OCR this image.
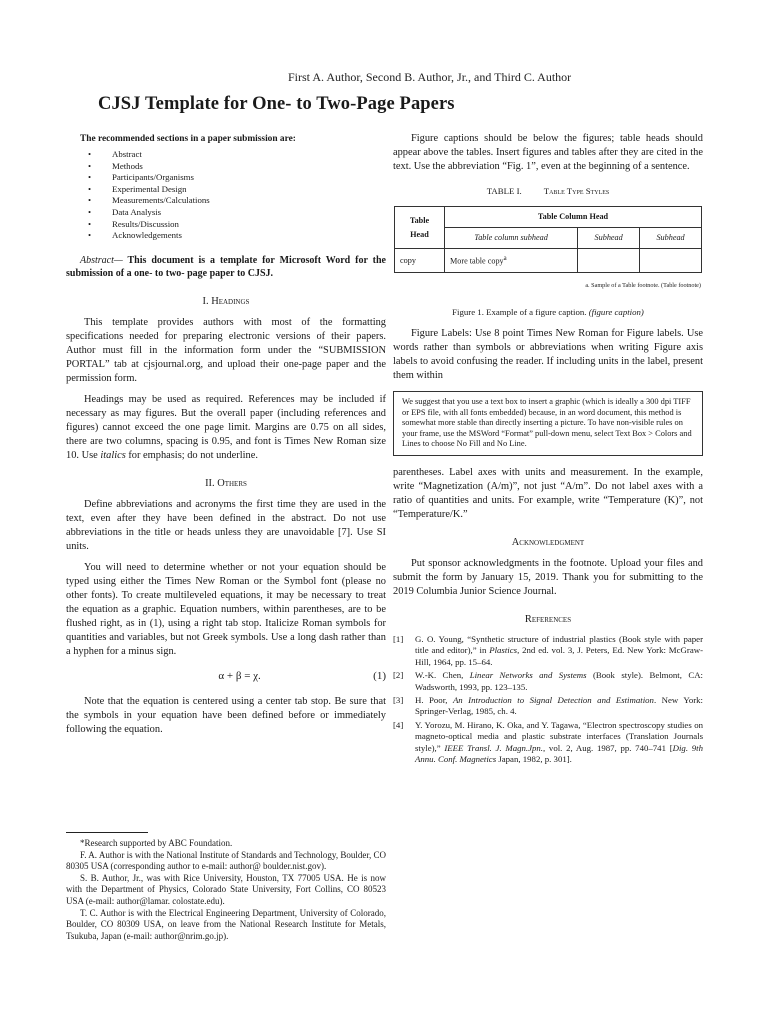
First A. Author, Second B. Author, Jr., and Third C. Author
CJSJ Template for One- to Two-Page Papers
The recommended sections in a paper submission are:
• Abstract
• Methods
• Participants/Organisms
• Experimental Design
• Measurements/Calculations
• Data Analysis
• Results/Discussion
• Acknowledgements

Abstract— This document is a template for Microsoft Word for the submission of a one- to two- page paper to CJSJ.

I. Headings

This template provides authors with most of the formatting specifications needed for preparing electronic versions of their papers. Author must fill in the information form under the “SUBMISSION PORTAL” tab at cjsjournal.org, and upload their one-page paper and the permission form.

Headings may be used as required. References may be included if necessary as may figures. But the overall paper (including references and figures) cannot exceed the one page limit. Margins are 0.75 on all sides, there are two columns, spacing is 0.95, and font is Times New Roman size 10. Use italics for emphasis; do not underline.

II. Others

Define abbreviations and acronyms the first time they are used in the text, even after they have been defined in the abstract. Do not use abbreviations in the title or heads unless they are unavoidable [7]. Use SI units.

You will need to determine whether or not your equation should be typed using either the Times New Roman or the Symbol font (please no other fonts). To create multileveled equations, it may be necessary to treat the equation as a graphic. Equation numbers, within parentheses, are to be flushed right, as in (1), using a right tab stop. Italicize Roman symbols for quantities and variables, but not Greek symbols. Use a long dash rather than a hyphen for a minus sign.

α + β = χ.	(1)

Note that the equation is centered using a center tab stop. Be sure that the symbols in your equation have been defined before or immediately following the equation.

*Research supported by ABC Foundation.

F. A. Author is with the National Institute of Standards and Technology, Boulder, CO 80305 USA (corresponding author to e-mail: author@ boulder.nist.gov).

S. B. Author, Jr., was with Rice University, Houston, TX 77005 USA. He is now with the Department of Physics, Colorado State University, Fort Collins, CO 80523 USA (e-mail: author@lamar. colostate.edu).

T. C. Author is with the Electrical Engineering Department, University of Colorado, Boulder, CO 80309 USA, on leave from the National Research Institute for Metals, Tsukuba, Japan (e-mail: author@nrim.go.jp).

Figure captions should be below the figures; table heads should appear above the tables. Insert figures and tables after they are cited in the text. Use the abbreviation “Fig. 1”, even at the beginning of a sentence.

TABLE I.	Table Type Styles
Table Head	Table Column Head		
	Table column subhead	Subhead	Subhead
copy	More table copy$^a$		
a. Sample of a Table footnote. (Table footnote)
Figure 1. Example of a figure caption. (figure caption)

Figure Labels: Use 8 point Times New Roman for Figure labels. Use words rather than symbols or abbreviations when writing Figure axis labels to avoid confusing the reader. If including units in the label, present them within

We suggest that you use a text box to insert a graphic (which is ideally a 300 dpi TIFF or EPS file, with all fonts embedded) because, in an word document, this method is somewhat more stable than directly inserting a picture. To have non-visible rules on your frame, use the MSWord “Format” pull-down menu, select Text Box > Colors and Lines to choose No Fill and No Line.

parentheses. Label axes with units and measurement. In the example, write “Magnetization (A/m)”, not just “A/m”. Do not label axes with a ratio of quantities and units. For example, write “Temperature (K)”, not “Temperature/K.”

Acknowledgment

Put sponsor acknowledgments in the footnote. Upload your files and submit the form by January 15, 2019. Thank you for submitting to the 2019 Columbia Junior Science Journal.

References
[1]	G. O. Young, “Synthetic structure of industrial plastics (Book style with paper title and editor),” in Plastics, 2nd ed. vol. 3, J. Peters, Ed. New York: McGraw-Hill, 1964, pp. 15–64.
[2]	W.-K. Chen, Linear Networks and Systems (Book style). Belmont, CA: Wadsworth, 1993, pp. 123–135.
[3]	H. Poor, An Introduction to Signal Detection and Estimation. New York: Springer-Verlag, 1985, ch. 4.
[4]	Y. Yorozu, M. Hirano, K. Oka, and Y. Tagawa, “Electron spectroscopy studies on magneto-optical media and plastic substrate interfaces (Translation Journals style),” IEEE Transl. J. Magn.Jpn., vol. 2, Aug. 1987, pp. 740–741 [Dig. 9th Annu. Conf. Magnetics Japan, 1982, p. 301].
